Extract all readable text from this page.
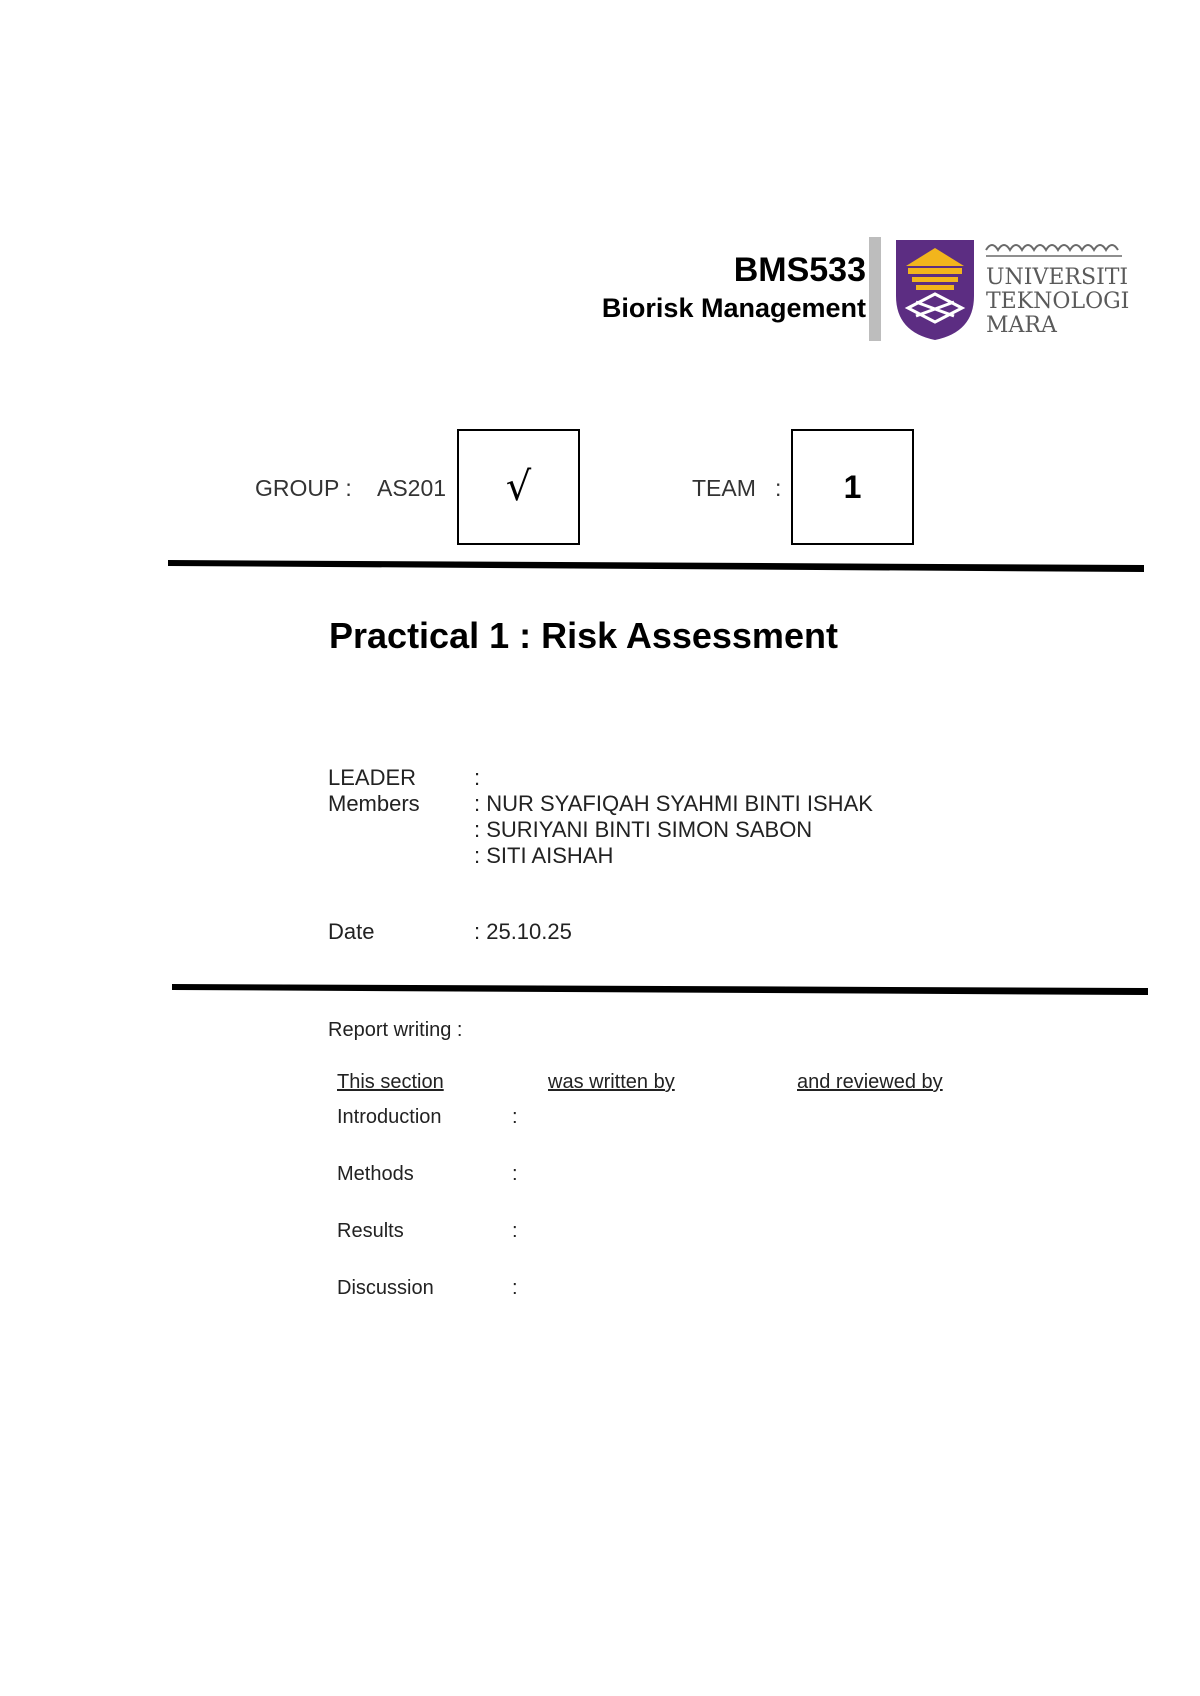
BMS533
Biorisk Management
UNIVERSITI
TEKNOLOGI
MARA
GROUP : AS201 √	TEAM : 1
Practical 1 : Risk Assessment
LEADER	:
Members : NUR SYAFIQAH SYAHMI BINTI ISHAK
: SURIYANI BINTI SIMON SABON
: SITI AISHAH
Date	: 25.10.25
Report writing :
This section	was written by	and reviewed by
Introduction	:
Methods	:
Results	:
Discussion	:
